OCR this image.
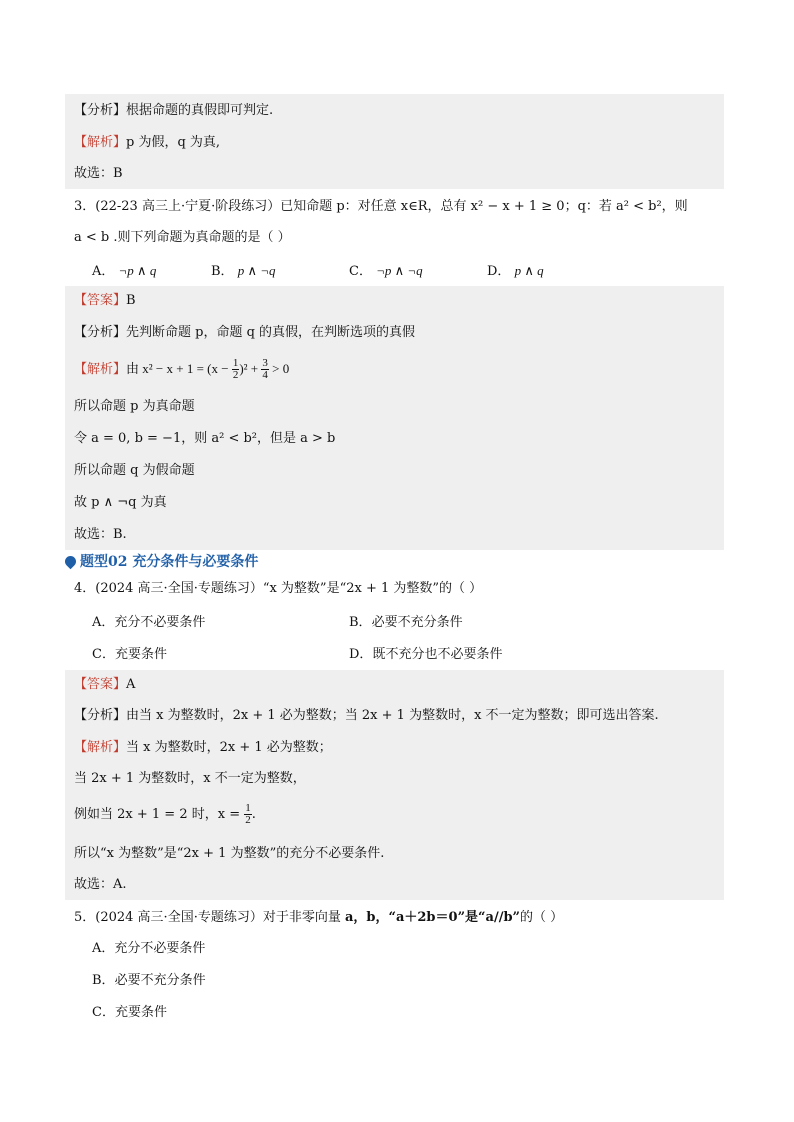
【分析】根据命题的真假即可判定.
【解析】p 为假，q 为真,
故选：B
3．(22-23 高三上·宁夏·阶段练习）已知命题 p：对任意 x∈R，总有 x² − x + 1 ≥ 0；q：若 a² < b²，则
a < b .则下列命题为真命题的是（ ）
A． ¬p ∧ q	B． p ∧ ¬q	C． ¬p ∧ ¬q	D． p ∧ q
【答案】B
【分析】先判断命题 p，命题 q 的真假，在判断选项的真假
【解析】由 $x^2 - x + 1 = (x - \frac{1}{2} )^2 + \frac{3}{4} > 0$
所以命题 p 为真命题
令 a = 0, b = −1，则 a² < b²，但是 a > b
所以命题 q 为假命题
故 p ∧ ¬q 为真
故选：B.
题型02 充分条件与必要条件
4．(2024 高三·全国·专题练习）“x 为整数”是“2x + 1 为整数”的（ ）
A．充分不必要条件	B．必要不充分条件
C．充要条件	D．既不充分也不必要条件
【答案】A
【分析】由当 x 为整数时，2x + 1 必为整数；当 2x + 1 为整数时，x 不一定为整数；即可选出答案.
【解析】当 x 为整数时，2x + 1 必为整数；
当 2x + 1 为整数时，x 不一定为整数，
例如当 2x + 1 = 2 时，$x = \frac{1}{2}$ .
所以“x 为整数”是“2x + 1 为整数”的充分不必要条件.
故选：A.
5．(2024 高三·全国·专题练习）对于非零向量 a，b，“a＋2b＝0”是“a//b”的（ ）
A．充分不必要条件
B．必要不充分条件
C．充要条件
